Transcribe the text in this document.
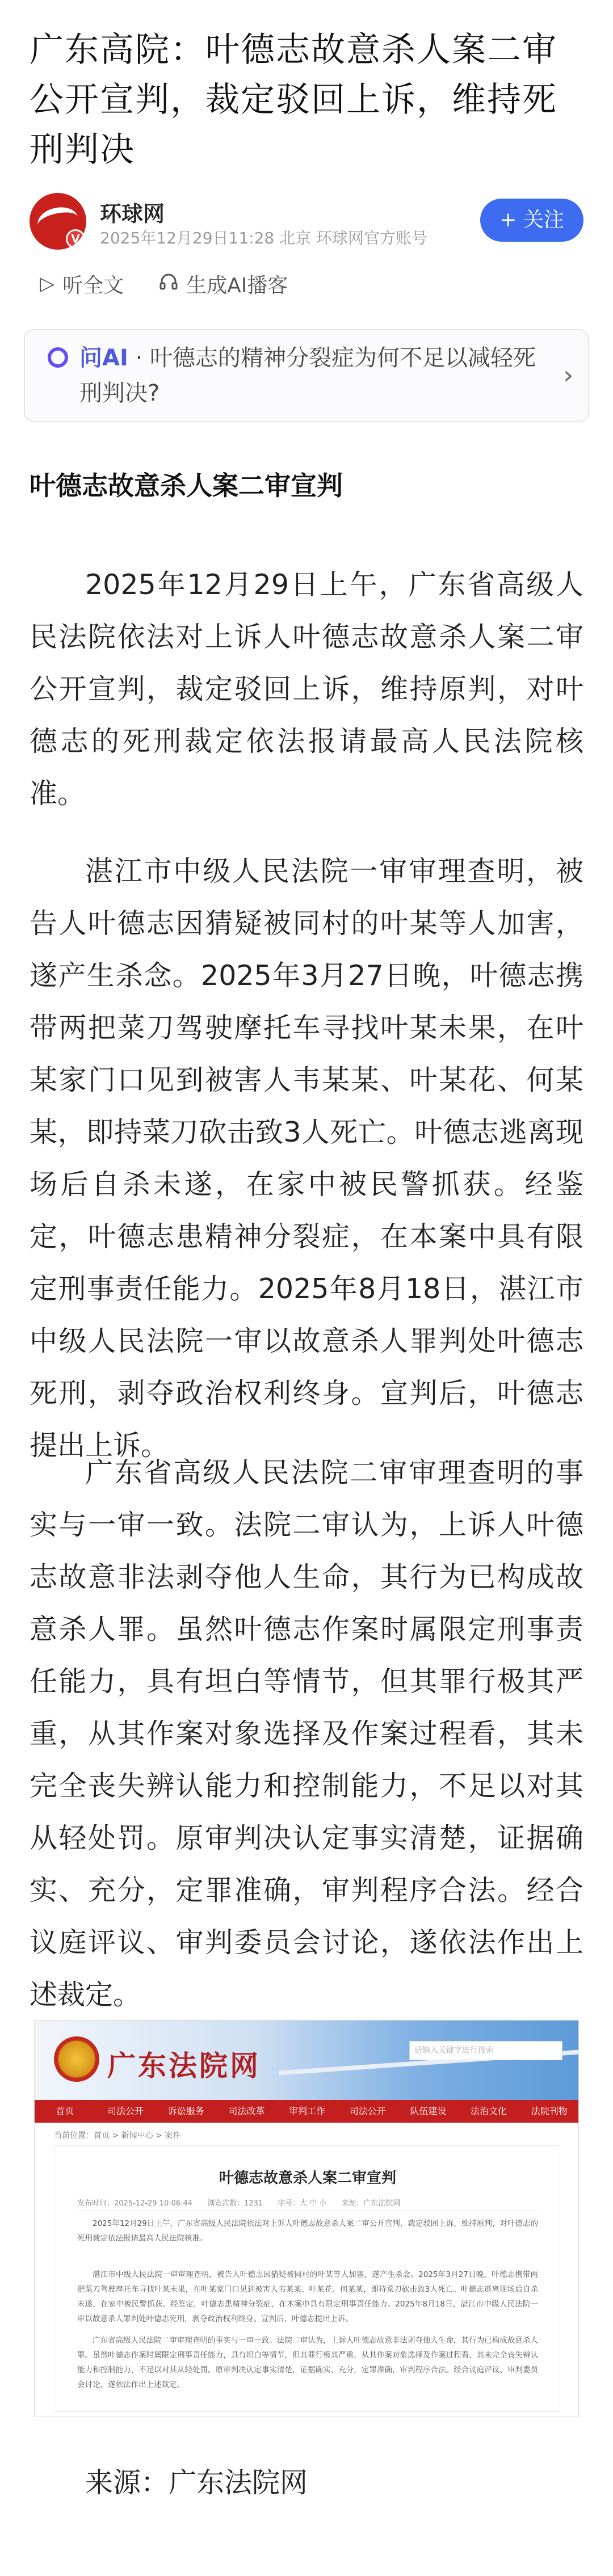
广东高院：叶德志故意杀人案二审公开宣判，裁定驳回上诉，维持死刑判决
V
环球网
2025年12月29日11:28 北京 环球网官方账号
+ 关注
▷ 听全文	生成AI播客
问AI · 叶德志的精神分裂症为何不足以减轻死刑判决?
›
叶德志故意杀人案二审宣判

2025年12月29日上午，广东省高级人民法院依法对上诉人叶德志故意杀人案二审公开宣判，裁定驳回上诉，维持原判，对叶德志的死刑裁定依法报请最高人民法院核准。

湛江市中级人民法院一审审理查明，被告人叶德志因猜疑被同村的叶某等人加害，遂产生杀念。2025年3月27日晚，叶德志携带两把菜刀驾驶摩托车寻找叶某未果，在叶某家门口见到被害人韦某某、叶某花、何某某，即持菜刀砍击致3人死亡。叶德志逃离现场后自杀未遂，在家中被民警抓获。经鉴定，叶德志患精神分裂症，在本案中具有限定刑事责任能力。2025年8月18日，湛江市中级人民法院一审以故意杀人罪判处叶德志死刑，剥夺政治权利终身。宣判后，叶德志提出上诉。

广东省高级人民法院二审审理查明的事实与一审一致。法院二审认为，上诉人叶德志故意非法剥夺他人生命，其行为已构成故意杀人罪。虽然叶德志作案时属限定刑事责任能力，具有坦白等情节，但其罪行极其严重，从其作案对象选择及作案过程看，其未完全丧失辨认能力和控制能力，不足以对其从轻处罚。原审判决认定事实清楚，证据确实、充分，定罪准确，审判程序合法。经合议庭评议、审判委员会讨论，遂依法作出上述裁定。

广东法院网	请输入关键字进行搜索
首页	司法公开	诉讼服务	司法改革	审判工作	司法公开	队伍建设	法治文化	法院刊物
当前位置：首页 > 新闻中心 > 案件
叶德志故意杀人案二审宣判
发布时间：2025-12-29 10:06:44　　浏览次数：1231　　字号：大 中 小　　来源：广东法院网

2025年12月29日上午，广东省高级人民法院依法对上诉人叶德志故意杀人案二审公开宣判，裁定驳回上诉，维持原判，对叶德志的死刑裁定依法报请最高人民法院核准。

湛江市中级人民法院一审审理查明，被告人叶德志因猜疑被同村的叶某等人加害，遂产生杀念。2025年3月27日晚，叶德志携带两把菜刀驾驶摩托车寻找叶某未果，在叶某家门口见到被害人韦某某、叶某花、何某某，即持菜刀砍击致3人死亡。叶德志逃离现场后自杀未遂，在家中被民警抓获。经鉴定，叶德志患精神分裂症，在本案中具有限定刑事责任能力。2025年8月18日，湛江市中级人民法院一审以故意杀人罪判处叶德志死刑，剥夺政治权利终身。宣判后，叶德志提出上诉。

广东省高级人民法院二审审理查明的事实与一审一致。法院二审认为，上诉人叶德志故意非法剥夺他人生命，其行为已构成故意杀人罪。虽然叶德志作案时属限定刑事责任能力，具有坦白等情节，但其罪行极其严重，从其作案对象选择及作案过程看，其未完全丧失辨认能力和控制能力，不足以对其从轻处罚。原审判决认定事实清楚，证据确实、充分，定罪准确，审判程序合法。经合议庭评议、审判委员会讨论，遂依法作出上述裁定。

来源：广东法院网
